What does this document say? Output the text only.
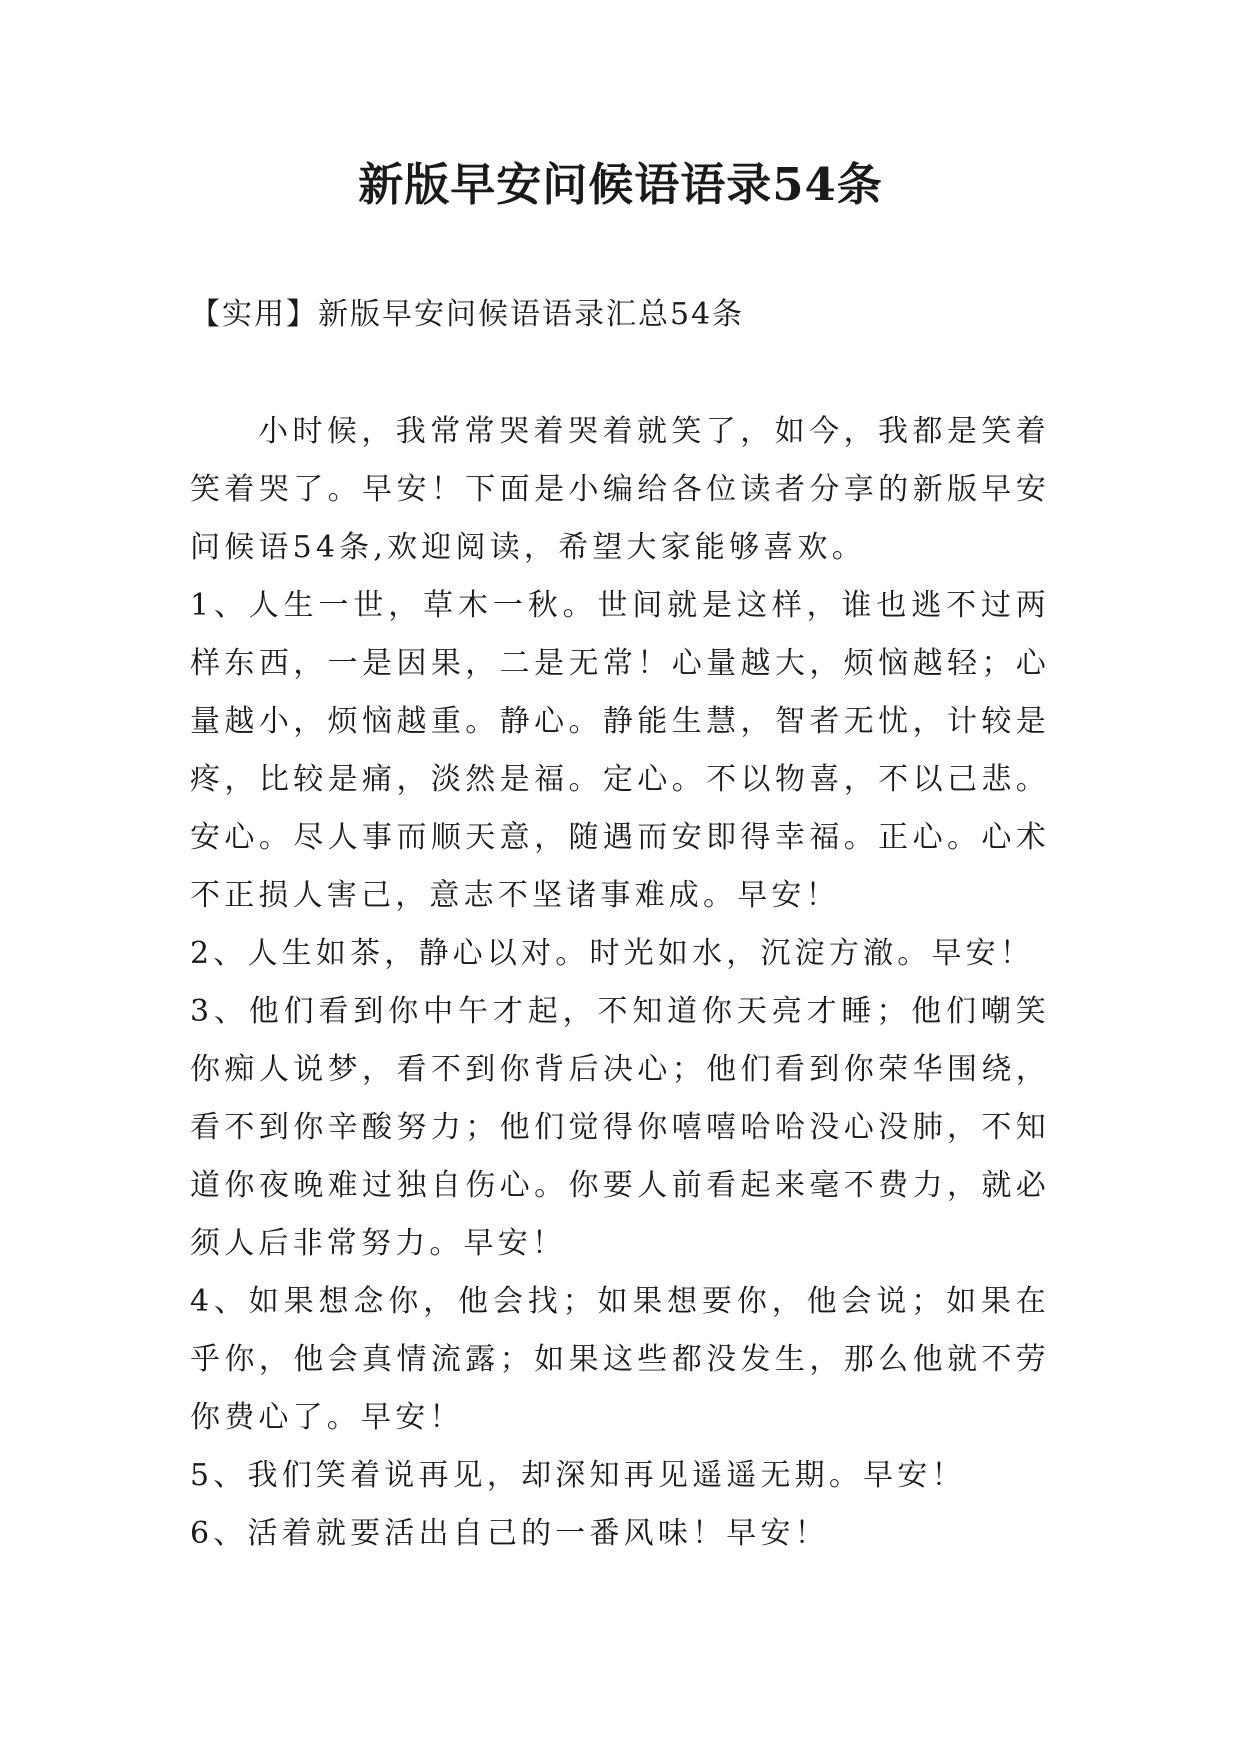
新版早安问候语语录54条

【实用】新版早安问候语语录汇总54条

小时候，我常常哭着哭着就笑了，如今，我都是笑着笑着哭了。早安！下面是小编给各位读者分享的新版早安问候语54条,欢迎阅读，希望大家能够喜欢。

1、人生一世，草木一秋。世间就是这样，谁也逃不过两样东西，一是因果，二是无常！心量越大，烦恼越轻；心量越小，烦恼越重。静心。静能生慧，智者无忧，计较是疼，比较是痛，淡然是福。定心。不以物喜，不以己悲。安心。尽人事而顺天意，随遇而安即得幸福。正心。心术不正损人害己，意志不坚诸事难成。早安！

2、人生如茶，静心以对。时光如水，沉淀方澈。早安！

3、他们看到你中午才起，不知道你天亮才睡；他们嘲笑你痴人说梦，看不到你背后决心；他们看到你荣华围绕，看不到你辛酸努力；他们觉得你嘻嘻哈哈没心没肺，不知道你夜晚难过独自伤心。你要人前看起来毫不费力，就必须人后非常努力。早安！

4、如果想念你，他会找；如果想要你，他会说；如果在乎你，他会真情流露；如果这些都没发生，那么他就不劳你费心了。早安！

5、我们笑着说再见，却深知再见遥遥无期。早安！

6、活着就要活出自己的一番风味！早安！
